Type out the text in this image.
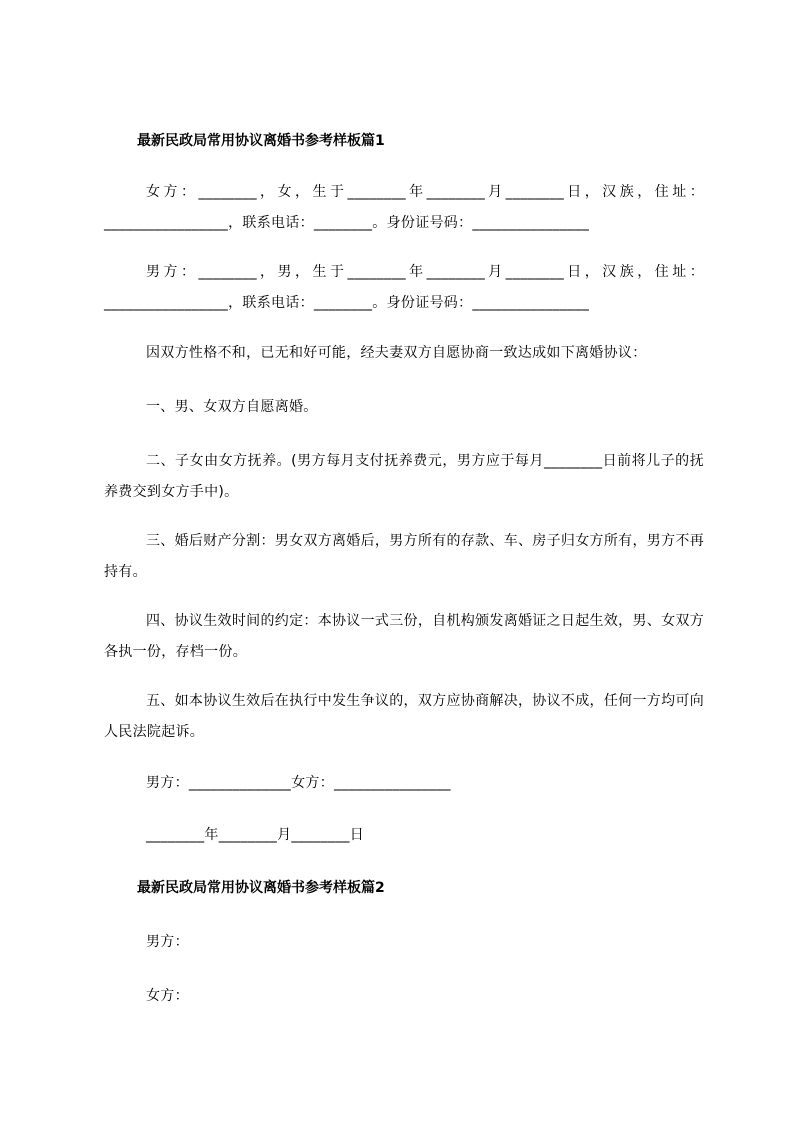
最新民政局常用协议离婚书参考样板篇1
女方：________，女，生于________年________月________日，汉族，住址：_________________，联系电话：________。身份证号码：________________
男方：________，男，生于________年________月________日，汉族，住址：_________________，联系电话：________。身份证号码：________________
因双方性格不和，已无和好可能，经夫妻双方自愿协商一致达成如下离婚协议：
一、男、女双方自愿离婚。
二、子女由女方抚养。(男方每月支付抚养费元，男方应于每月________日前将儿子的抚养费交到女方手中)。
三、婚后财产分割：男女双方离婚后，男方所有的存款、车、房子归女方所有，男方不再持有。
四、协议生效时间的约定：本协议一式三份，自机构颁发离婚证之日起生效，男、女双方各执一份，存档一份。
五、如本协议生效后在执行中发生争议的，双方应协商解决，协议不成，任何一方均可向人民法院起诉。
男方：______________女方：________________
________年________月________日
最新民政局常用协议离婚书参考样板篇2
男方：
女方：
